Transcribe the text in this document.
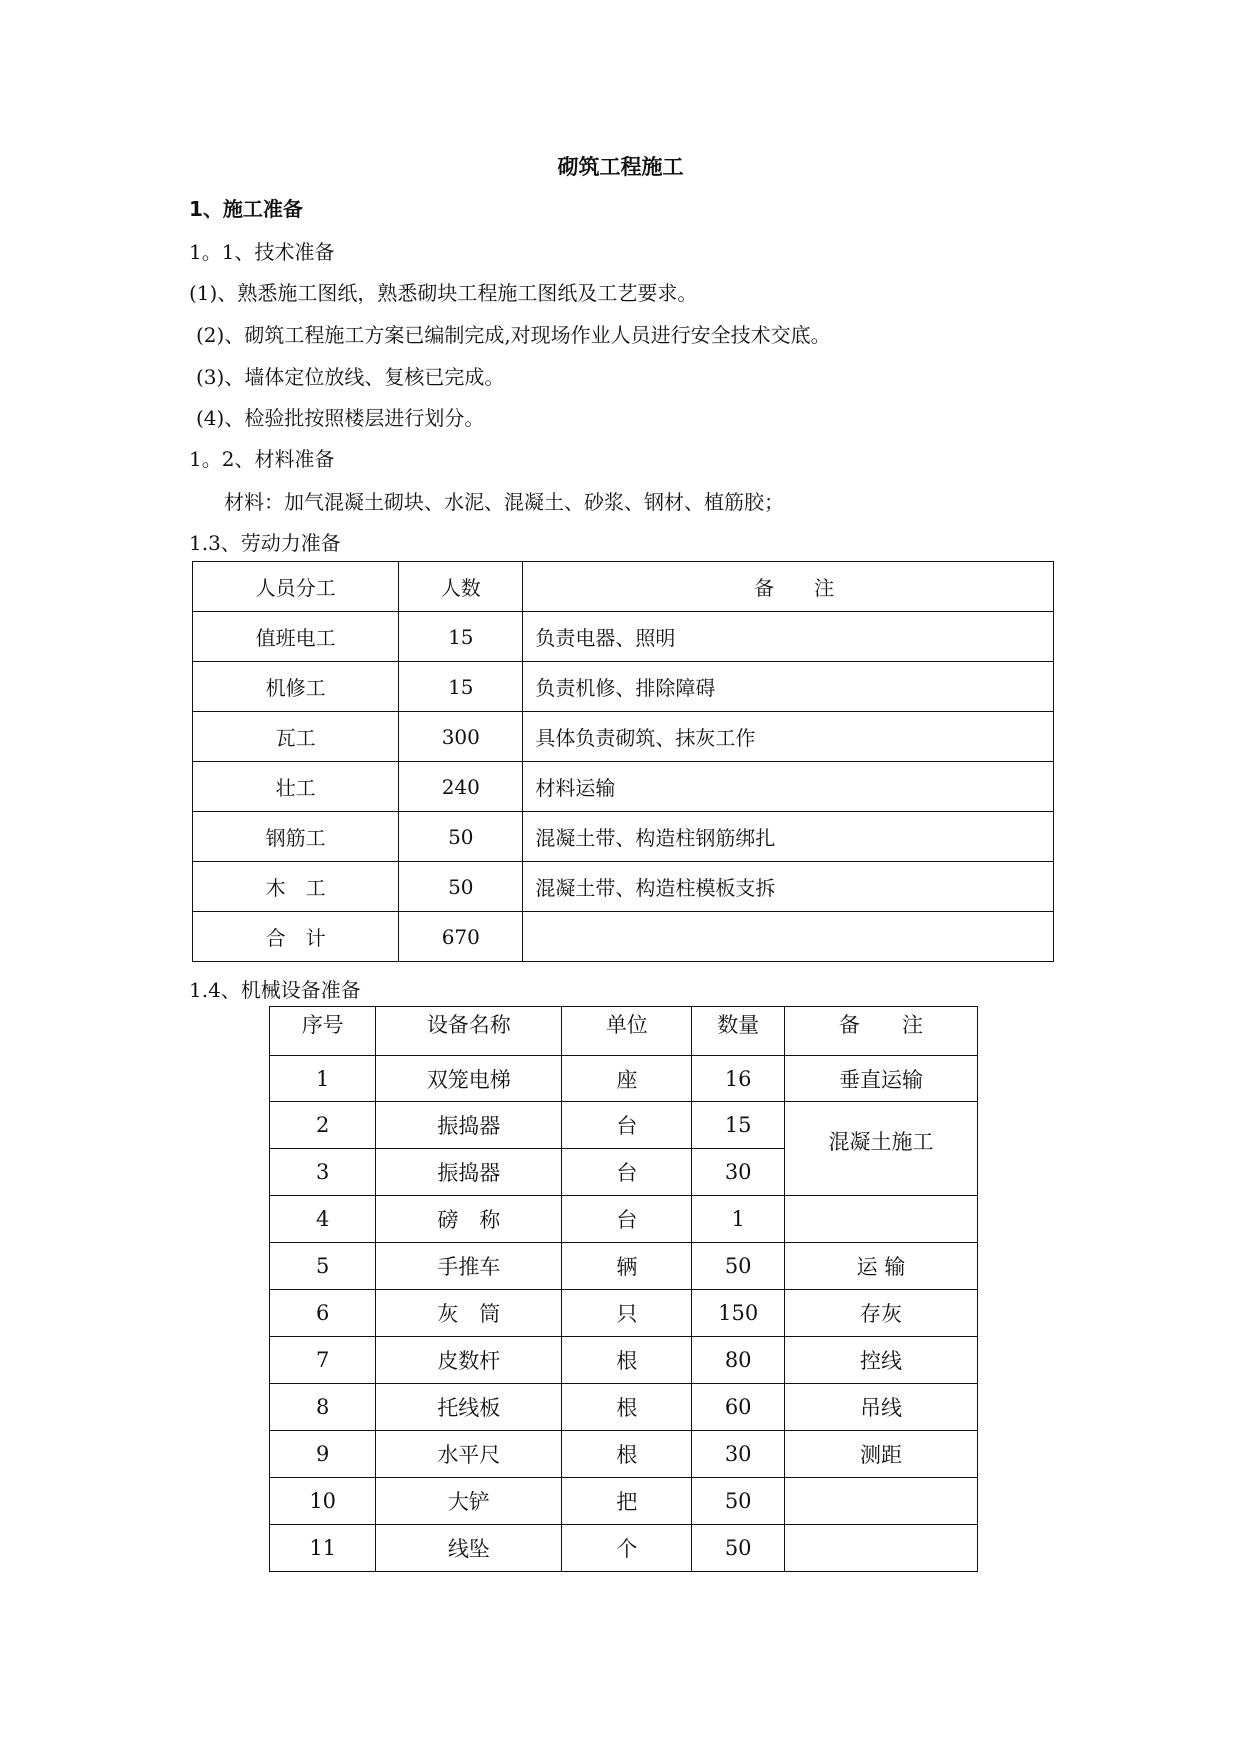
砌筑工程施工
1、施工准备
1。1、技术准备
(1)、熟悉施工图纸，熟悉砌块工程施工图纸及工艺要求。
(2)、砌筑工程施工方案已编制完成,对现场作业人员进行安全技术交底。
(3)、墙体定位放线、复核已完成。
(4)、检验批按照楼层进行划分。
1。2、材料准备
材料：加气混凝土砌块、水泥、混凝土、砂浆、钢材、植筋胶；
1.3、劳动力准备
人员分工	人数	备　　注
值班电工	15	负责电器、照明
机修工	15	负责机修、排除障碍
瓦工	300	具体负责砌筑、抹灰工作
壮工	240	材料运输
钢筋工	50	混凝土带、构造柱钢筋绑扎
木　工	50	混凝土带、构造柱模板支拆
合　计	670	
1.4、机械设备准备
序号	设备名称	单位	数量	备　　注
1	双笼电梯	座	16	垂直运输
2	振捣器	台	15	混凝土施工
3	振捣器	台	30	
4	磅　称	台	1	
5	手推车	辆	50	运 输
6	灰　筒	只	150	存灰
7	皮数杆	根	80	控线
8	托线板	根	60	吊线
9	水平尺	根	30	测距
10	大铲	把	50	
11	线坠	个	50	
